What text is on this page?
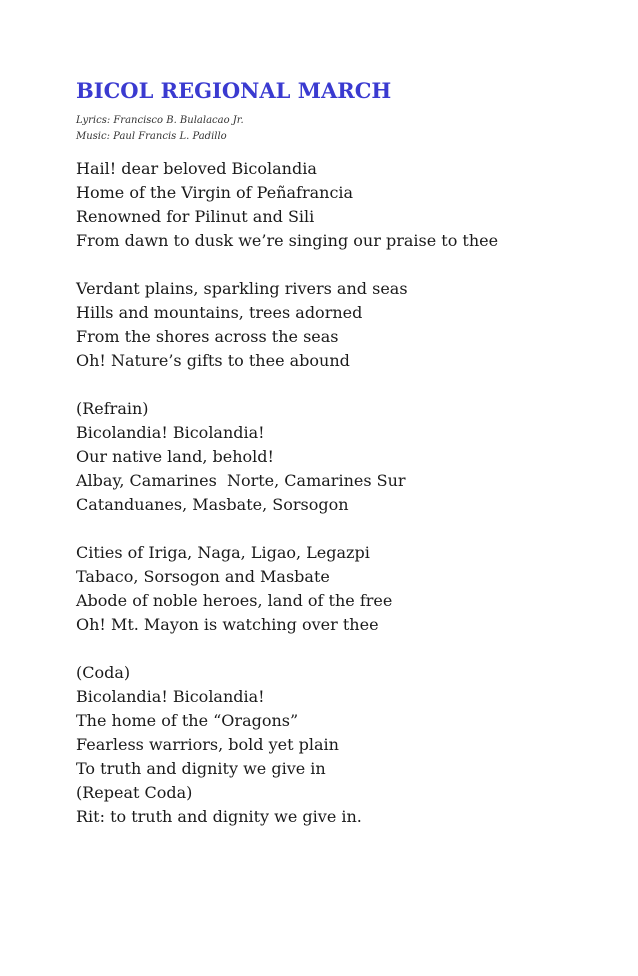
BICOL REGIONAL MARCH
Lyrics: Francisco B. Bulalacao Jr.
Music: Paul Francis L. Padillo
Hail! dear beloved Bicolandia
Home of the Virgin of Peñafrancia
Renowned for Pilinut and Sili
From dawn to dusk we’re singing our praise to thee
Verdant plains, sparkling rivers and seas
Hills and mountains, trees adorned
From the shores across the seas
Oh! Nature’s gifts to thee abound
(Refrain)
Bicolandia! Bicolandia!
Our native land, behold!
Albay, Camarines  Norte, Camarines Sur
Catanduanes, Masbate, Sorsogon
Cities of Iriga, Naga, Ligao, Legazpi
Tabaco, Sorsogon and Masbate
Abode of noble heroes, land of the free
Oh! Mt. Mayon is watching over thee
(Coda)
Bicolandia! Bicolandia!
The home of the “Oragons”
Fearless warriors, bold yet plain
To truth and dignity we give in
(Repeat Coda)
Rit: to truth and dignity we give in.
